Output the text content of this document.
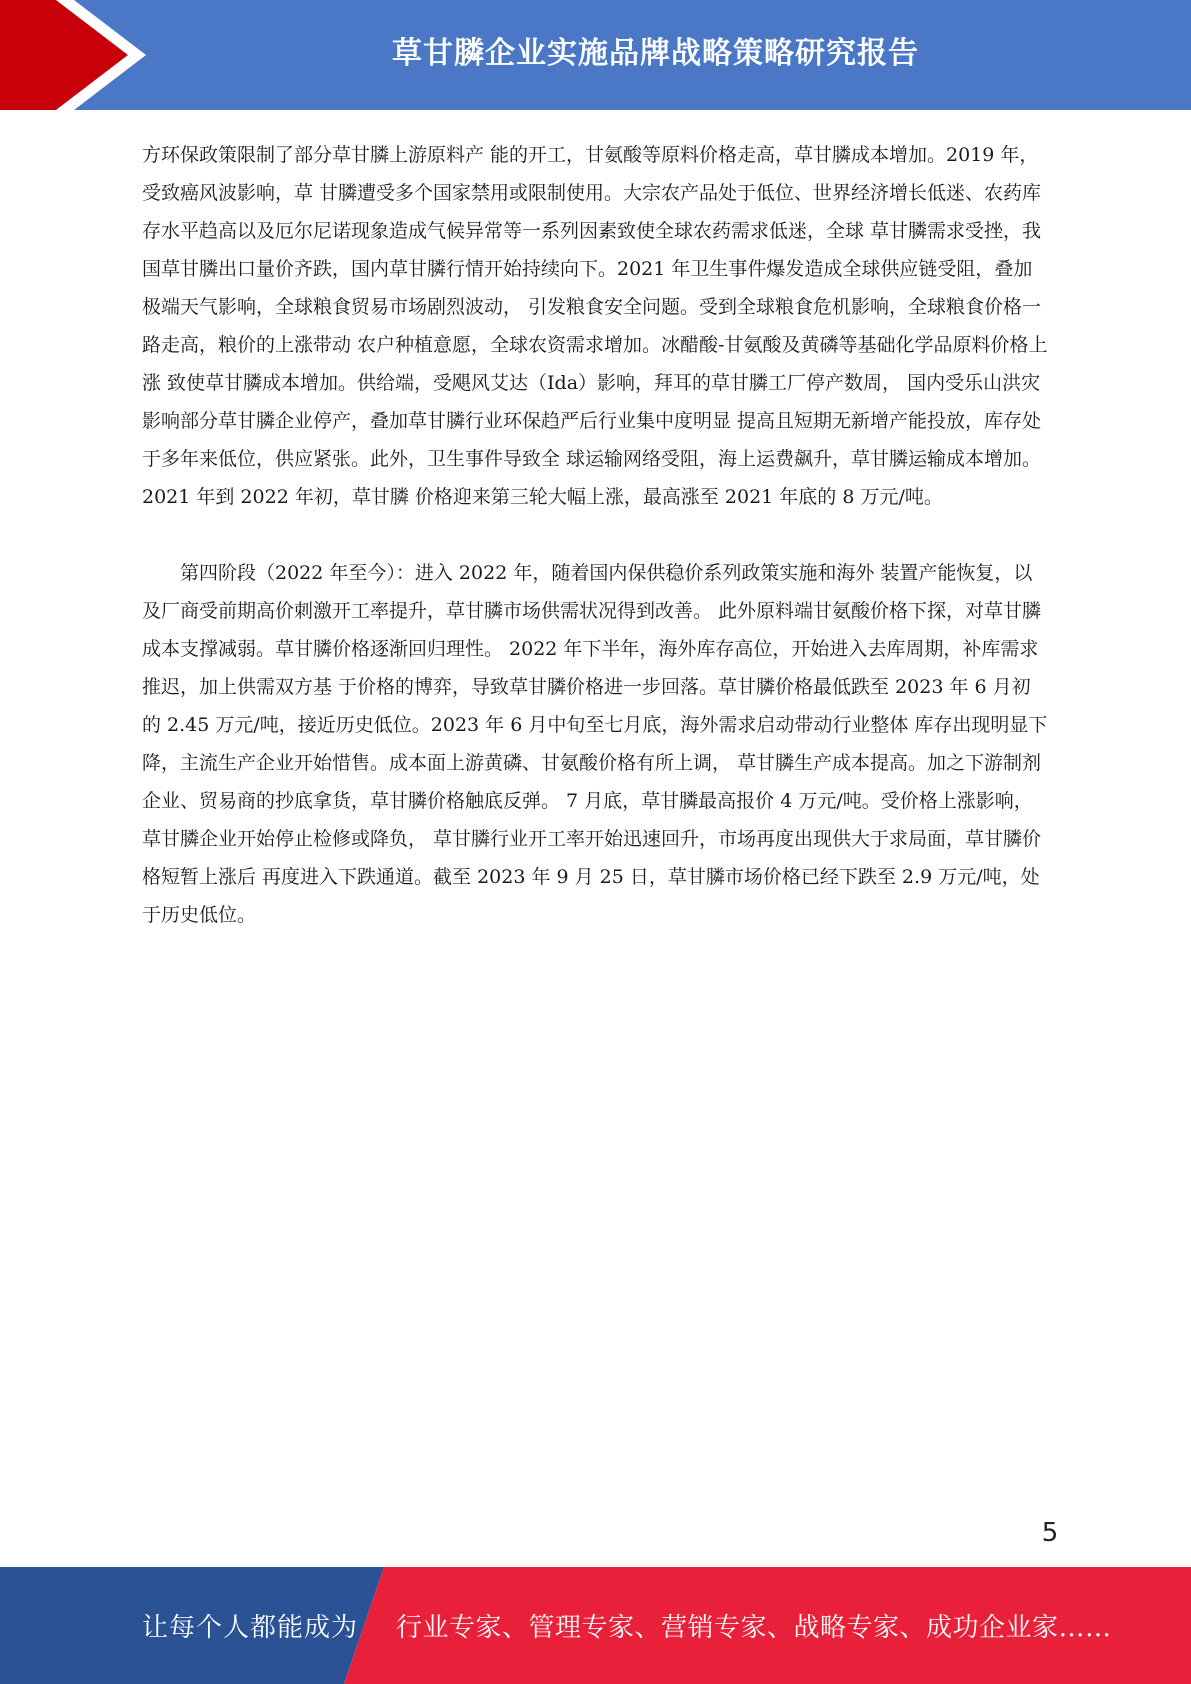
草甘膦企业实施品牌战略策略研究报告

方环保政策限制了部分草甘膦上游原料产 能的开工，甘氨酸等原料价格走高，草甘膦成本增加。2019 年，受致癌风波影响，草 甘膦遭受多个国家禁用或限制使用。大宗农产品处于低位、世界经济增长低迷、农药库 存水平趋高以及厄尔尼诺现象造成气候异常等一系列因素致使全球农药需求低迷，全球 草甘膦需求受挫，我国草甘膦出口量价齐跌，国内草甘膦行情开始持续向下。2021 年卫生事件爆发造成全球供应链受阻，叠加极端天气影响，全球粮食贸易市场剧烈波动， 引发粮食安全问题。受到全球粮食危机影响，全球粮食价格一路走高，粮价的上涨带动 农户种植意愿，全球农资需求增加。冰醋酸-甘氨酸及黄磷等基础化学品原料价格上涨 致使草甘膦成本增加。供给端，受飓风艾达（Ida）影响，拜耳的草甘膦工厂停产数周， 国内受乐山洪灾影响部分草甘膦企业停产，叠加草甘膦行业环保趋严后行业集中度明显 提高且短期无新增产能投放，库存处于多年来低位，供应紧张。此外，卫生事件导致全 球运输网络受阻，海上运费飙升，草甘膦运输成本增加。2021 年到 2022 年初，草甘膦 价格迎来第三轮大幅上涨，最高涨至 2021 年底的 8 万元/吨。

第四阶段（2022 年至今）：进入 2022 年，随着国内保供稳价系列政策实施和海外 装置产能恢复，以及厂商受前期高价刺激开工率提升，草甘膦市场供需状况得到改善。 此外原料端甘氨酸价格下探，对草甘膦成本支撑减弱。草甘膦价格逐渐回归理性。 2022 年下半年，海外库存高位，开始进入去库周期，补库需求推迟，加上供需双方基 于价格的博弈，导致草甘膦价格进一步回落。草甘膦价格最低跌至 2023 年 6 月初的 2.45 万元/吨，接近历史低位。2023 年 6 月中旬至七月底，海外需求启动带动行业整体 库存出现明显下降，主流生产企业开始惜售。成本面上游黄磷、甘氨酸价格有所上调， 草甘膦生产成本提高。加之下游制剂企业、贸易商的抄底拿货，草甘膦价格触底反弹。 7 月底，草甘膦最高报价 4 万元/吨。受价格上涨影响，草甘膦企业开始停止检修或降负， 草甘膦行业开工率开始迅速回升，市场再度出现供大于求局面，草甘膦价格短暂上涨后 再度进入下跌通道。截至 2023 年 9 月 25 日，草甘膦市场价格已经下跌至 2.9 万元/吨，处于历史低位。

5
让每个人都能成为 行业专家、管理专家、营销专家、战略专家、成功企业家……
